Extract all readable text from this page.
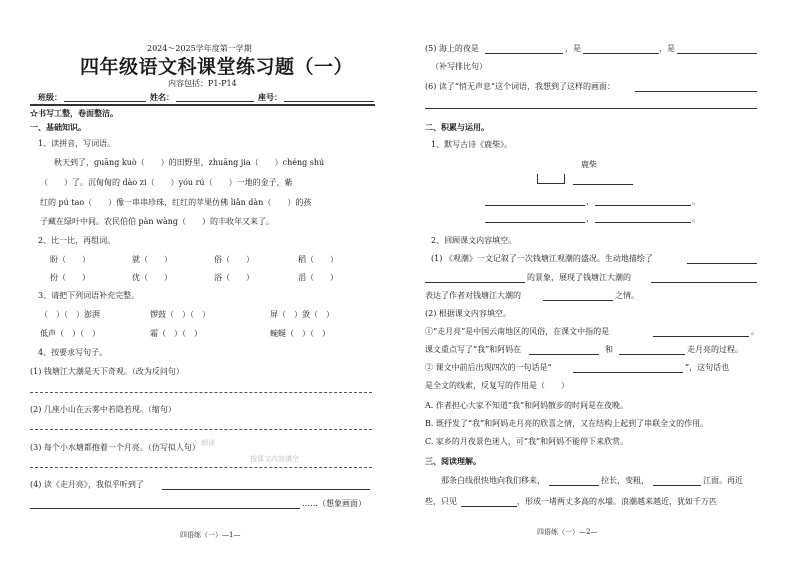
2024～2025学年度第一学期
四年级语文科课堂练习题（一）
内容包括：P1-P14
班级：	姓名：	座号：
☆书写工整，卷面整洁。
一、基础知识。
1、读拼音，写词语。
秋天到了，guāng kuò（　　）的田野里，zhuāng jia（　　）chéng shú
（　　）了。沉甸甸的 dào zi（　　）yóu rú（　　）一地的金子，紫
红的 pú tao（　　）像一串串珍珠，红红的苹果仿佛 liǎn dàn（　　）的孩
子藏在绿叶中间。农民伯伯 pàn wàng（　　）的丰收年又来了。
2、比一比，再组词。
盼（　　）	就（　　）	俗（　　）	稻（　　）
扮（　　）	优（　　）	浴（　　）	滔（　　）
3、请把下列词语补充完整。
（　）（　）澎湃	锣鼓（　）（　）	屏（　）敛（　）
低声（　）（　）	霜（　）（　）	蜿蜒（　）（　）
4、按要求写句子。
(1) 钱塘江大潮是天下奇观。（改为反问句）
(2) 几座小山在云雾中若隐若现。（缩句）
（一）朗读
(3) 每个小水塘都抱着一个月亮。（仿写拟人句）
按课文内容填空
(4) 读《走月亮》，我似乎听到了
……（想象画面）
四语练（一）—1—
(5) 海上的夜是	，是	，是
（补写排比句）
(6) 读了“悄无声息”这个词语，我想到了这样的画面：
二、积累与运用。
1、默写古诗《鹿柴》。
鹿柴
，	。
，	。
2、回顾课文内容填空。
(1) 《观潮》一文记叙了一次钱塘江观潮的盛况。生动地描绘了
的景象，展现了钱塘江大潮的
表达了作者对钱塘江大潮的	之情。
(2) 根据课文内容填空。
①“走月亮”是中国云南地区的风俗，在课文中指的是	。
课文重点写了“我”和阿妈在	和	走月亮的过程。
② 课文中前后出现四次的一句话是“	”，这句话也
是全文的线索，反复写的作用是（　　）
A. 作者担心大家不知道“我”和阿妈散步的时间是在夜晚。
B. 既抒发了“我”和阿妈走月亮的欣喜之情，又在结构上起到了串联全文的作用。
C. 家乡的月夜景色迷人，可“我”和阿妈不能停下来欣赏。
三、阅读理解。
那条白线很快地向我们移来，	拉长，变粗，	江面。再近
些，只见	，形成一堵两丈多高的水墙。浪潮越来越近，犹如千万匹
四语练（一）—2—
